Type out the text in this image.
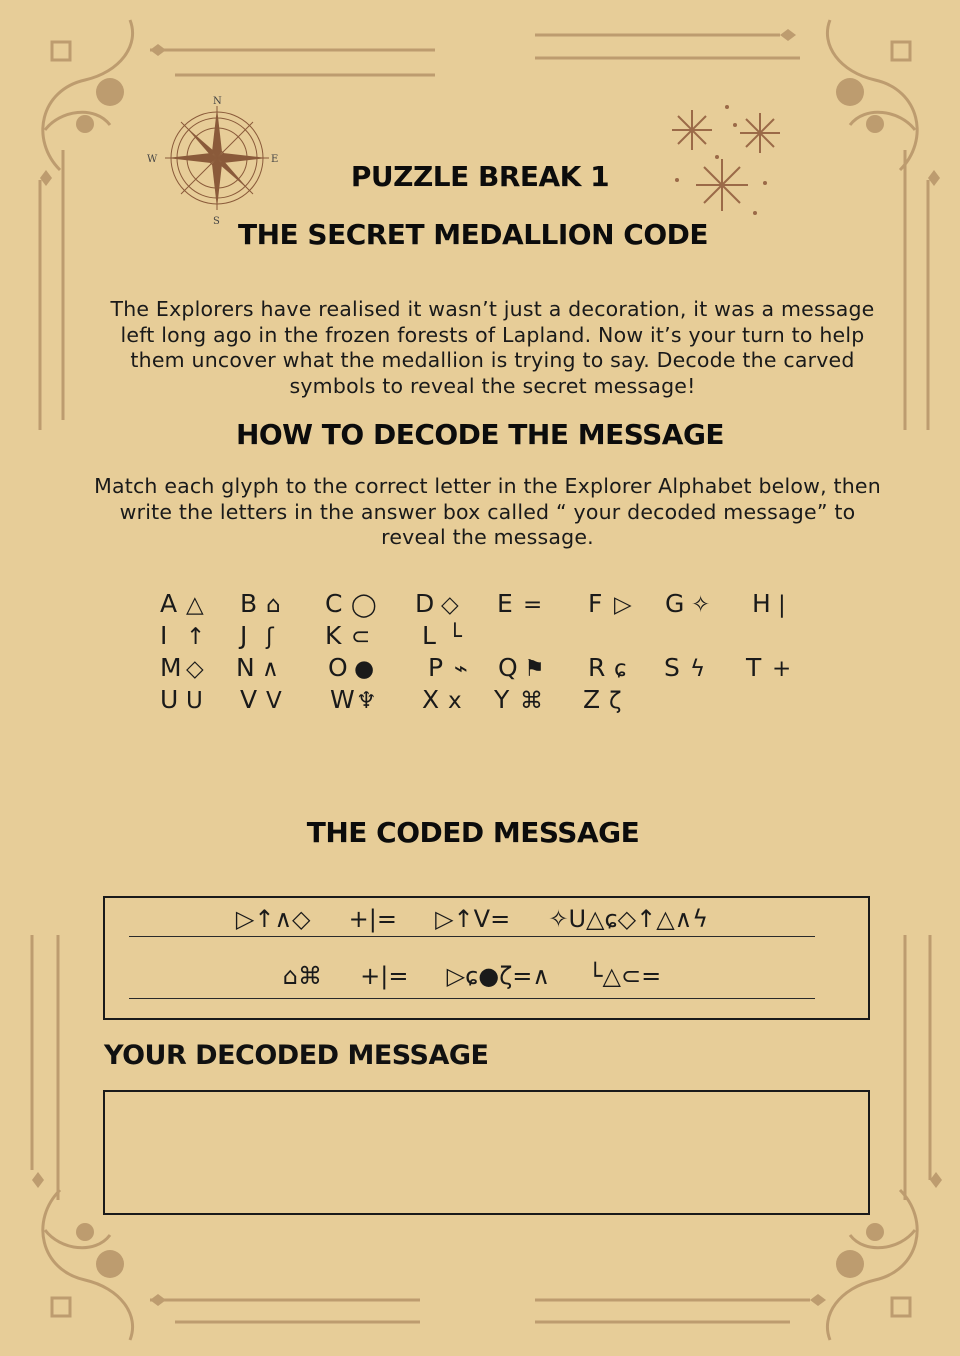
N
S
W	E
PUZZLE BREAK 1
THE SECRET MEDALLION CODE
The Explorers have realised it wasn’t just a decoration, it was a message left long ago in the frozen forests of Lapland. Now it’s your turn to help them uncover what the medallion is trying to say. Decode the carved symbols to reveal the secret message!
HOW TO DECODE THE MESSAGE
Match each glyph to the correct letter in the Explorer Alphabet below, then write the letters in the answer box called “ your decoded message” to reveal the message.
A △ B ⌂ C ◯ D ◇ E = F ▷ G ✧ H |
I ↑ J ʃ K ⊂ L └
M ◇ N ∧ O ● P ⌁ Q ⚑ R ɕ S ϟ T +
U U V V W♆ X x Y ⌘ Z ζ
THE CODED MESSAGE
▷↑∧◇     +|=     ▷↑V=     ✧U△ɕ◇↑△∧ϟ
⌂⌘     +|=     ▷ɕ●ζ=∧     └△⊂=
YOUR DECODED MESSAGE
